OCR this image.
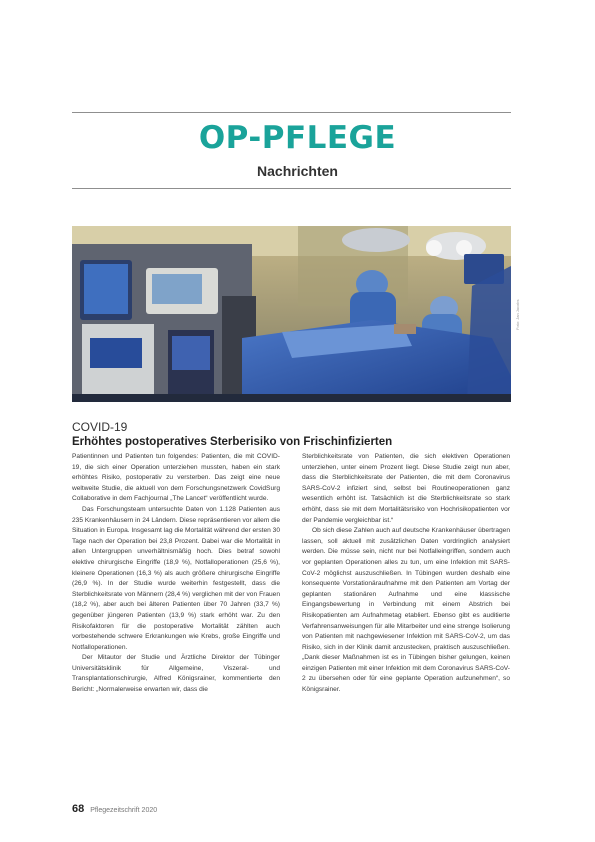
OP-PFLEGE
Nachrichten
Foto: Jan Jacobs
COVID-19
Erhöhtes postoperatives Sterberisiko von Frischinfizierten

Patientinnen und Patienten tun folgendes: Patienten, die mit COVID-19, die sich einer Operation unterziehen mussten, haben ein stark erhöhtes Risiko, postoperativ zu versterben. Das zeigt eine neue weltweite Studie, die aktuell von dem Forschungsnetzwerk CovidSurg Collaborative in dem Fachjournal „The Lancet“ veröffentlicht wurde.

Das Forschungsteam untersuchte Daten von 1.128 Patienten aus 235 Krankenhäusern in 24 Ländern. Diese repräsentieren vor allem die Situation in Europa. Insgesamt lag die Mortalität während der ersten 30 Tage nach der Operation bei 23,8 Prozent. Dabei war die Mortalität in allen Untergruppen unverhältnismäßig hoch. Dies betraf sowohl elektive chirurgische Eingriffe (18,9 %), Notfalloperationen (25,6 %), kleinere Operationen (16,3 %) als auch größere chirurgische Eingriffe (26,9 %). In der Studie wurde weiterhin festgestellt, dass die Sterblichkeitsrate von Männern (28,4 %) verglichen mit der von Frauen (18,2 %), aber auch bei älteren Patienten über 70 Jahren (33,7 %) gegenüber jüngeren Patienten (13,9 %) stark erhöht war. Zu den Risikofaktoren für die postoperative Mortalität zählten auch vorbestehende schwere Erkrankungen wie Krebs, große Eingriffe und Notfalloperationen.

Der Mitautor der Studie und Ärztliche Direktor der Tübinger Universitätsklinik für Allgemeine, Viszeral- und Transplantationschirurgie, Alfred Königsrainer, kommentierte den Bericht: „Normalerweise erwarten wir, dass die

Sterblichkeitsrate von Patienten, die sich elektiven Operationen unterziehen, unter einem Prozent liegt. Diese Studie zeigt nun aber, dass die Sterblichkeitsrate der Patienten, die mit dem Coronavirus SARS-CoV-2 infiziert sind, selbst bei Routineoperationen ganz wesentlich erhöht ist. Tatsächlich ist die Sterblichkeitsrate so stark erhöht, dass sie mit dem Mortalitätsrisiko von Hochrisikopatienten vor der Pandemie vergleichbar ist.“

Ob sich diese Zahlen auch auf deutsche Krankenhäuser übertragen lassen, soll aktuell mit zusätzlichen Daten vordringlich analysiert werden. Die müsse sein, nicht nur bei Notfalleingriffen, sondern auch vor geplanten Operationen alles zu tun, um eine Infektion mit SARS-CoV-2 möglichst auszuschließen. In Tübingen wurden deshalb eine konsequente Vorstationäraufnahme mit den Patienten am Vortag der geplanten stationären Aufnahme und eine klassische Eingangsbewertung in Verbindung mit einem Abstrich bei Risikopatienten am Aufnahmetag etabliert. Ebenso gibt es auditierte Verfahrensanweisungen für alle Mitarbeiter und eine strenge Isolierung von Patienten mit nachgewiesener Infektion mit SARS-CoV-2, um das Risiko, sich in der Klinik damit anzustecken, praktisch auszuschließen. „Dank dieser Maßnahmen ist es in Tübingen bisher gelungen, keinen einzigen Patienten mit einer Infektion mit dem Coronavirus SARS-CoV-2 zu übersehen oder für eine geplante Operation aufzunehmen“, so Königsrainer.

68 Pflegezeitschrift 2020
